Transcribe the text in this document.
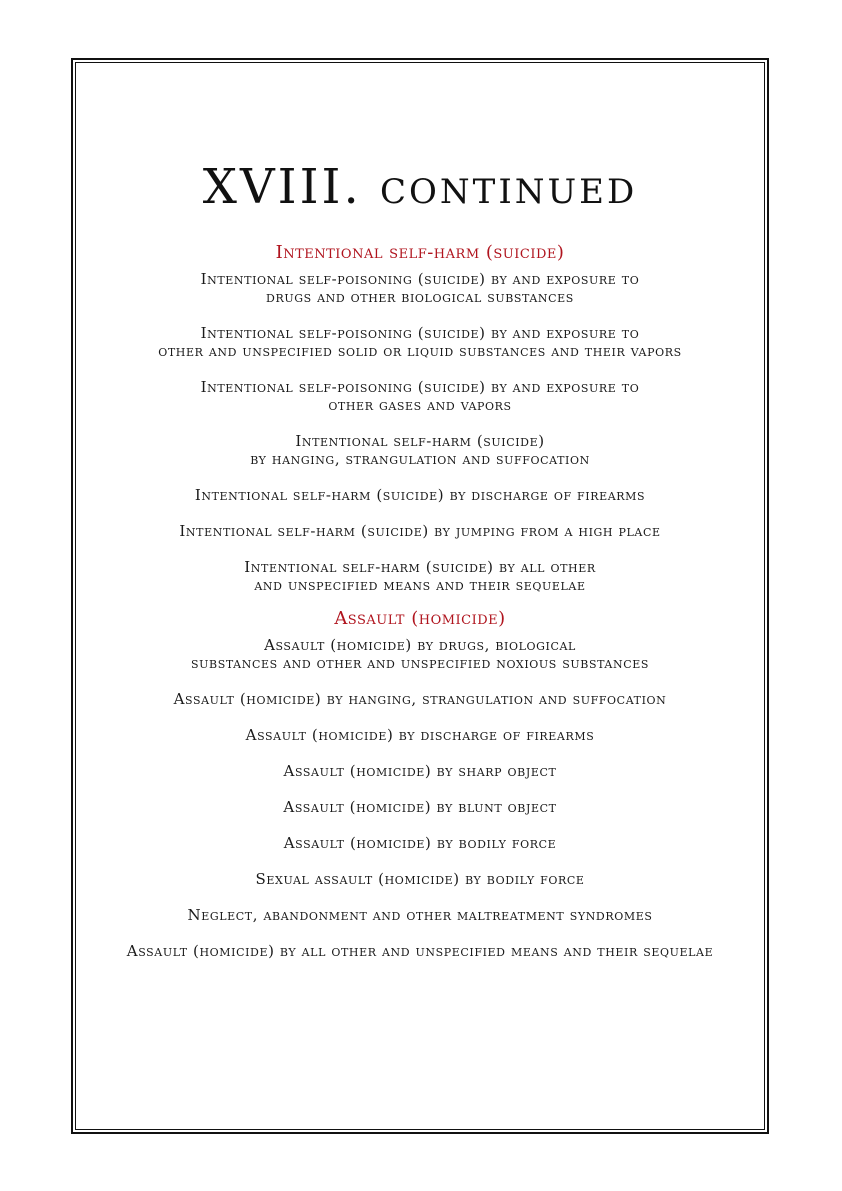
XVIII. continued
Intentional self-harm (suicide)
Intentional self-poisoning (suicide) by and exposure to
drugs and other biological substances
Intentional self-poisoning (suicide) by and exposure to
other and unspecified solid or liquid substances and their vapors
Intentional self-poisoning (suicide) by and exposure to
other gases and vapors
Intentional self-harm (suicide)
by hanging, strangulation and suffocation
Intentional self-harm (suicide) by discharge of firearms
Intentional self-harm (suicide) by jumping from a high place
Intentional self-harm (suicide) by all other
and unspecified means and their sequelae
Assault (homicide)
Assault (homicide) by drugs, biological
substances and other and unspecified noxious substances
Assault (homicide) by hanging, strangulation and suffocation
Assault (homicide) by discharge of firearms
Assault (homicide) by sharp object
Assault (homicide) by blunt object
Assault (homicide) by bodily force
Sexual assault (homicide) by bodily force
Neglect, abandonment and other maltreatment syndromes
Assault (homicide) by all other and unspecified means and their sequelae
